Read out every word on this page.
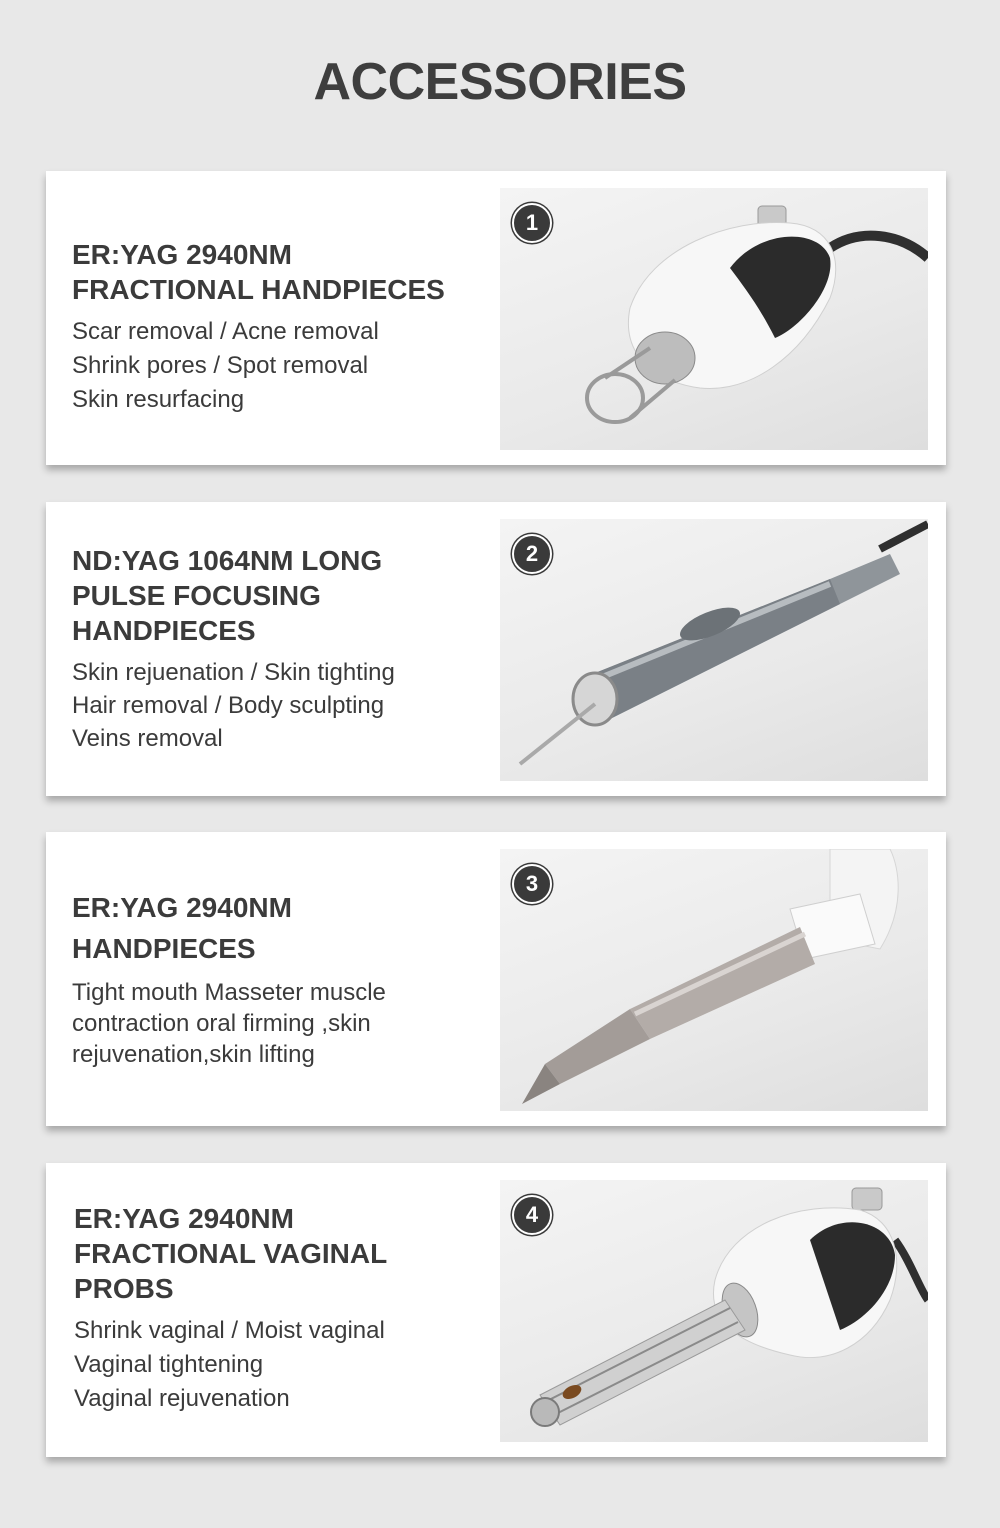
ACCESSORIES
ER:YAG 2940NM
FRACTIONAL HANDPIECES
Scar removal / Acne removal
Shrink pores / Spot removal
Skin resurfacing
1
ND:YAG 1064NM LONG
PULSE FOCUSING
HANDPIECES
Skin rejuenation / Skin tighting
Hair removal / Body sculpting
Veins removal
2
ER:YAG 2940NM
HANDPIECES
Tight mouth Masseter muscle
contraction oral firming ,skin
rejuvenation,skin lifting
3
ER:YAG 2940NM
FRACTIONAL VAGINAL
PROBS
Shrink vaginal / Moist vaginal
Vaginal tightening
Vaginal rejuvenation
4
